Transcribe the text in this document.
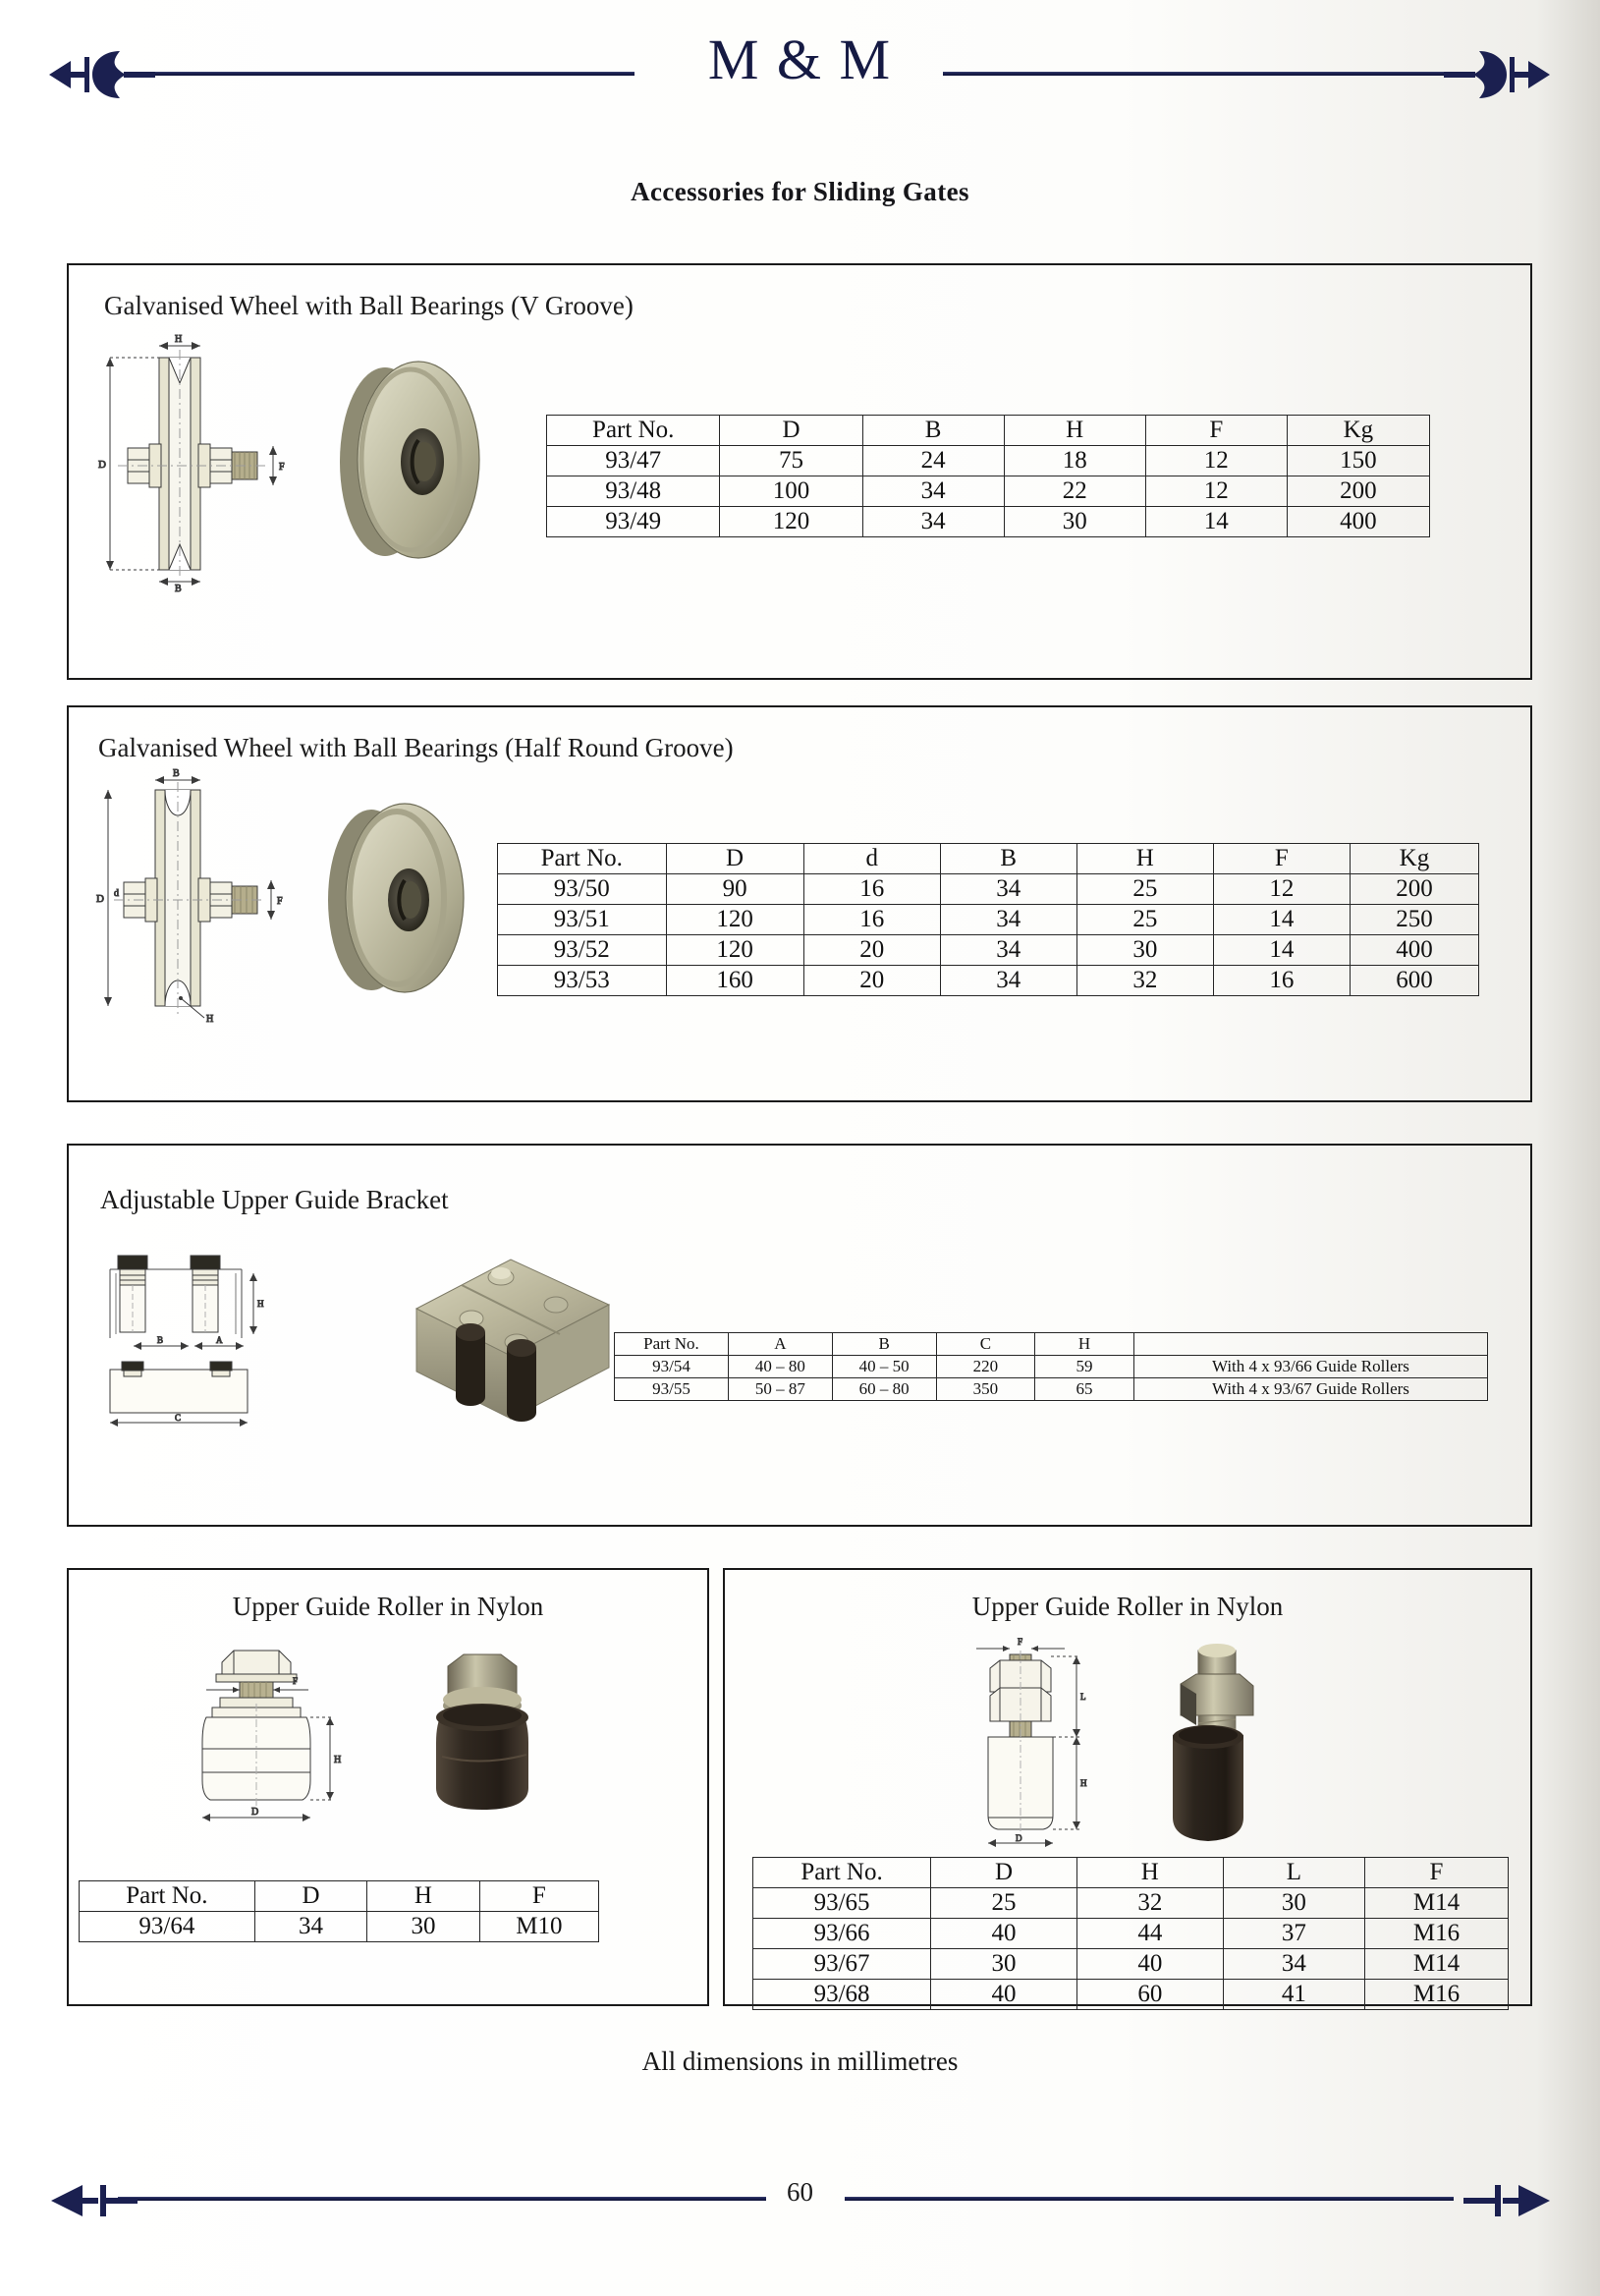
M & M
Accessories for Sliding Gates
Galvanised Wheel with Ball Bearings (V Groove)
D
H
F
B
Part No.	D	B	H	F	Kg
93/47	75	24	18	12	150
93/48	100	34	22	12	200
93/49	120	34	30	14	400
Galvanised Wheel with Ball Bearings (Half Round Groove)
D
B
d
F
H
Part No.	D	d	B	H	F	Kg
93/50	90	16	34	25	12	200
93/51	120	16	34	25	14	250
93/52	120	20	34	30	14	400
93/53	160	20	34	32	16	600
Adjustable Upper Guide Bracket
H
B	A
C
Part No.	A	B	C	H	
93/54	40 – 80	40 – 50	220	59	With 4 x 93/66 Guide Rollers
93/55	50 – 87	60 – 80	350	65	With 4 x 93/67 Guide Rollers
Upper Guide Roller in Nylon
F
H
D
Part No.	D	H	F
93/64	34	30	M10
Upper Guide Roller in Nylon
F
L
H
D
Part No.	D	H	L	F
93/65	25	32	30	M14
93/66	40	44	37	M16
93/67	30	40	34	M14
93/68	40	60	41	M16
All dimensions in millimetres
60
